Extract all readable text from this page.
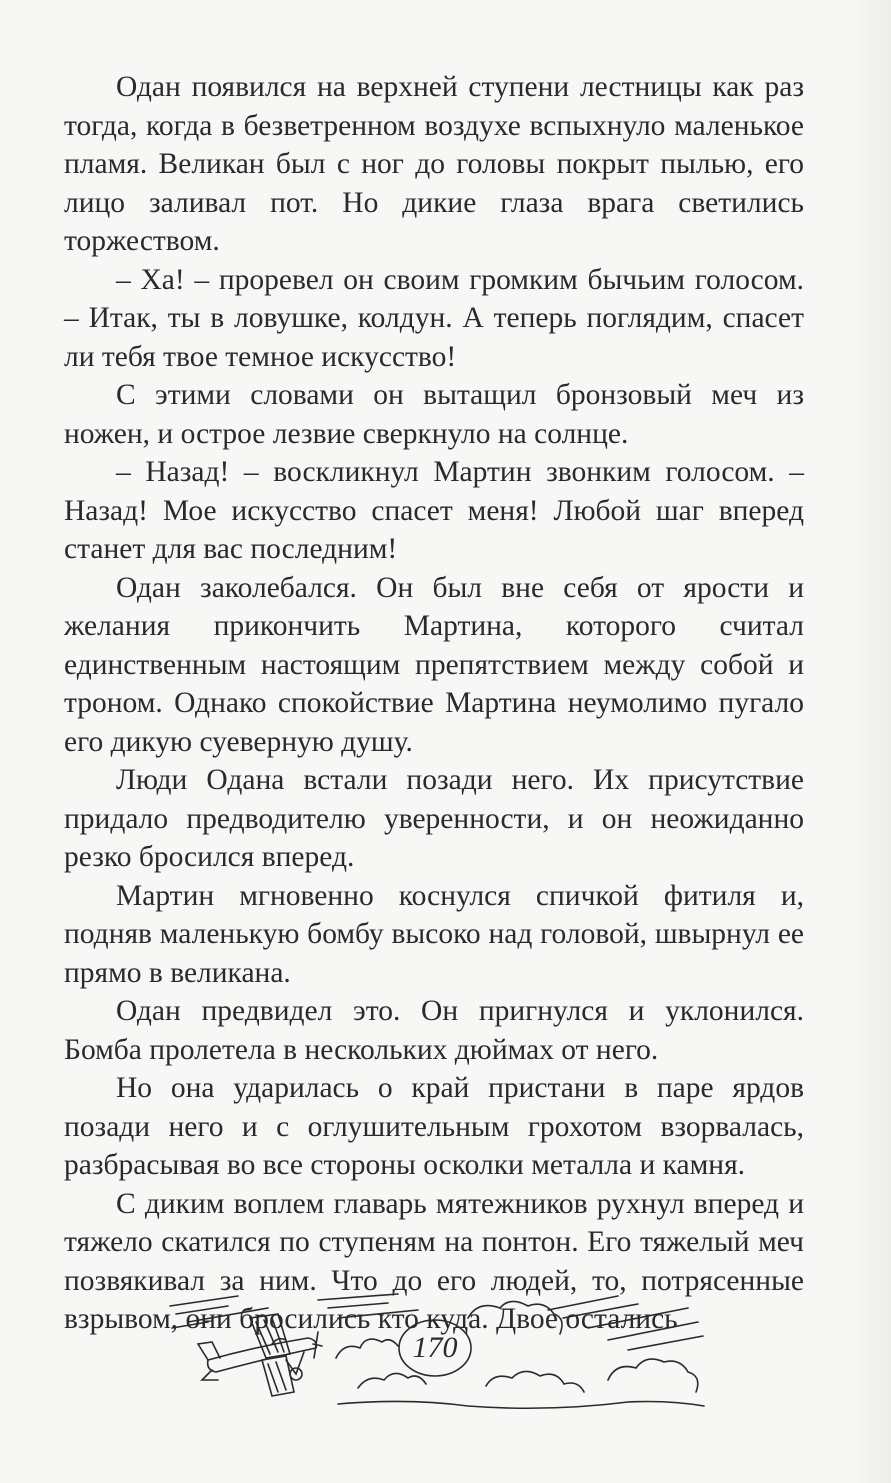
Одан появился на верхней ступени лестницы как раз тогда, когда в безветренном воздухе вспыхнуло маленькое пламя. Великан был с ног до головы покрыт пылью, его лицо заливал пот. Но дикие глаза врага светились торжеством.

– Ха! – проревел он своим громким бычьим голосом. – Итак, ты в ловушке, колдун. А теперь поглядим, спасет ли тебя твое темное искусство!

С этими словами он вытащил бронзовый меч из ножен, и острое лезвие сверкнуло на солнце.

– Назад! – воскликнул Мартин звонким голосом. – Назад! Мое искусство спасет меня! Любой шаг вперед станет для вас последним!

Одан заколебался. Он был вне себя от ярости и желания прикончить Мартина, которого считал единственным настоящим препятствием между собой и троном. Однако спокойствие Мартина неумолимо пугало его дикую суеверную душу.

Люди Одана встали позади него. Их присутствие придало предводителю уверенности, и он неожиданно резко бросился вперед.

Мартин мгновенно коснулся спичкой фитиля и, подняв маленькую бомбу высоко над головой, швырнул ее прямо в великана.

Одан предвидел это. Он пригнулся и уклонился. Бомба пролетела в нескольких дюймах от него.

Но она ударилась о край пристани в паре ярдов позади него и с оглушительным грохотом взорвалась, разбрасывая во все стороны осколки металла и камня.

С диким воплем главарь мятежников рухнул вперед и тяжело скатился по ступеням на понтон. Его тяжелый меч позвякивал за ним. Что до его людей, то, потрясенные взрывом, они бросились кто куда. Двое остались

170
